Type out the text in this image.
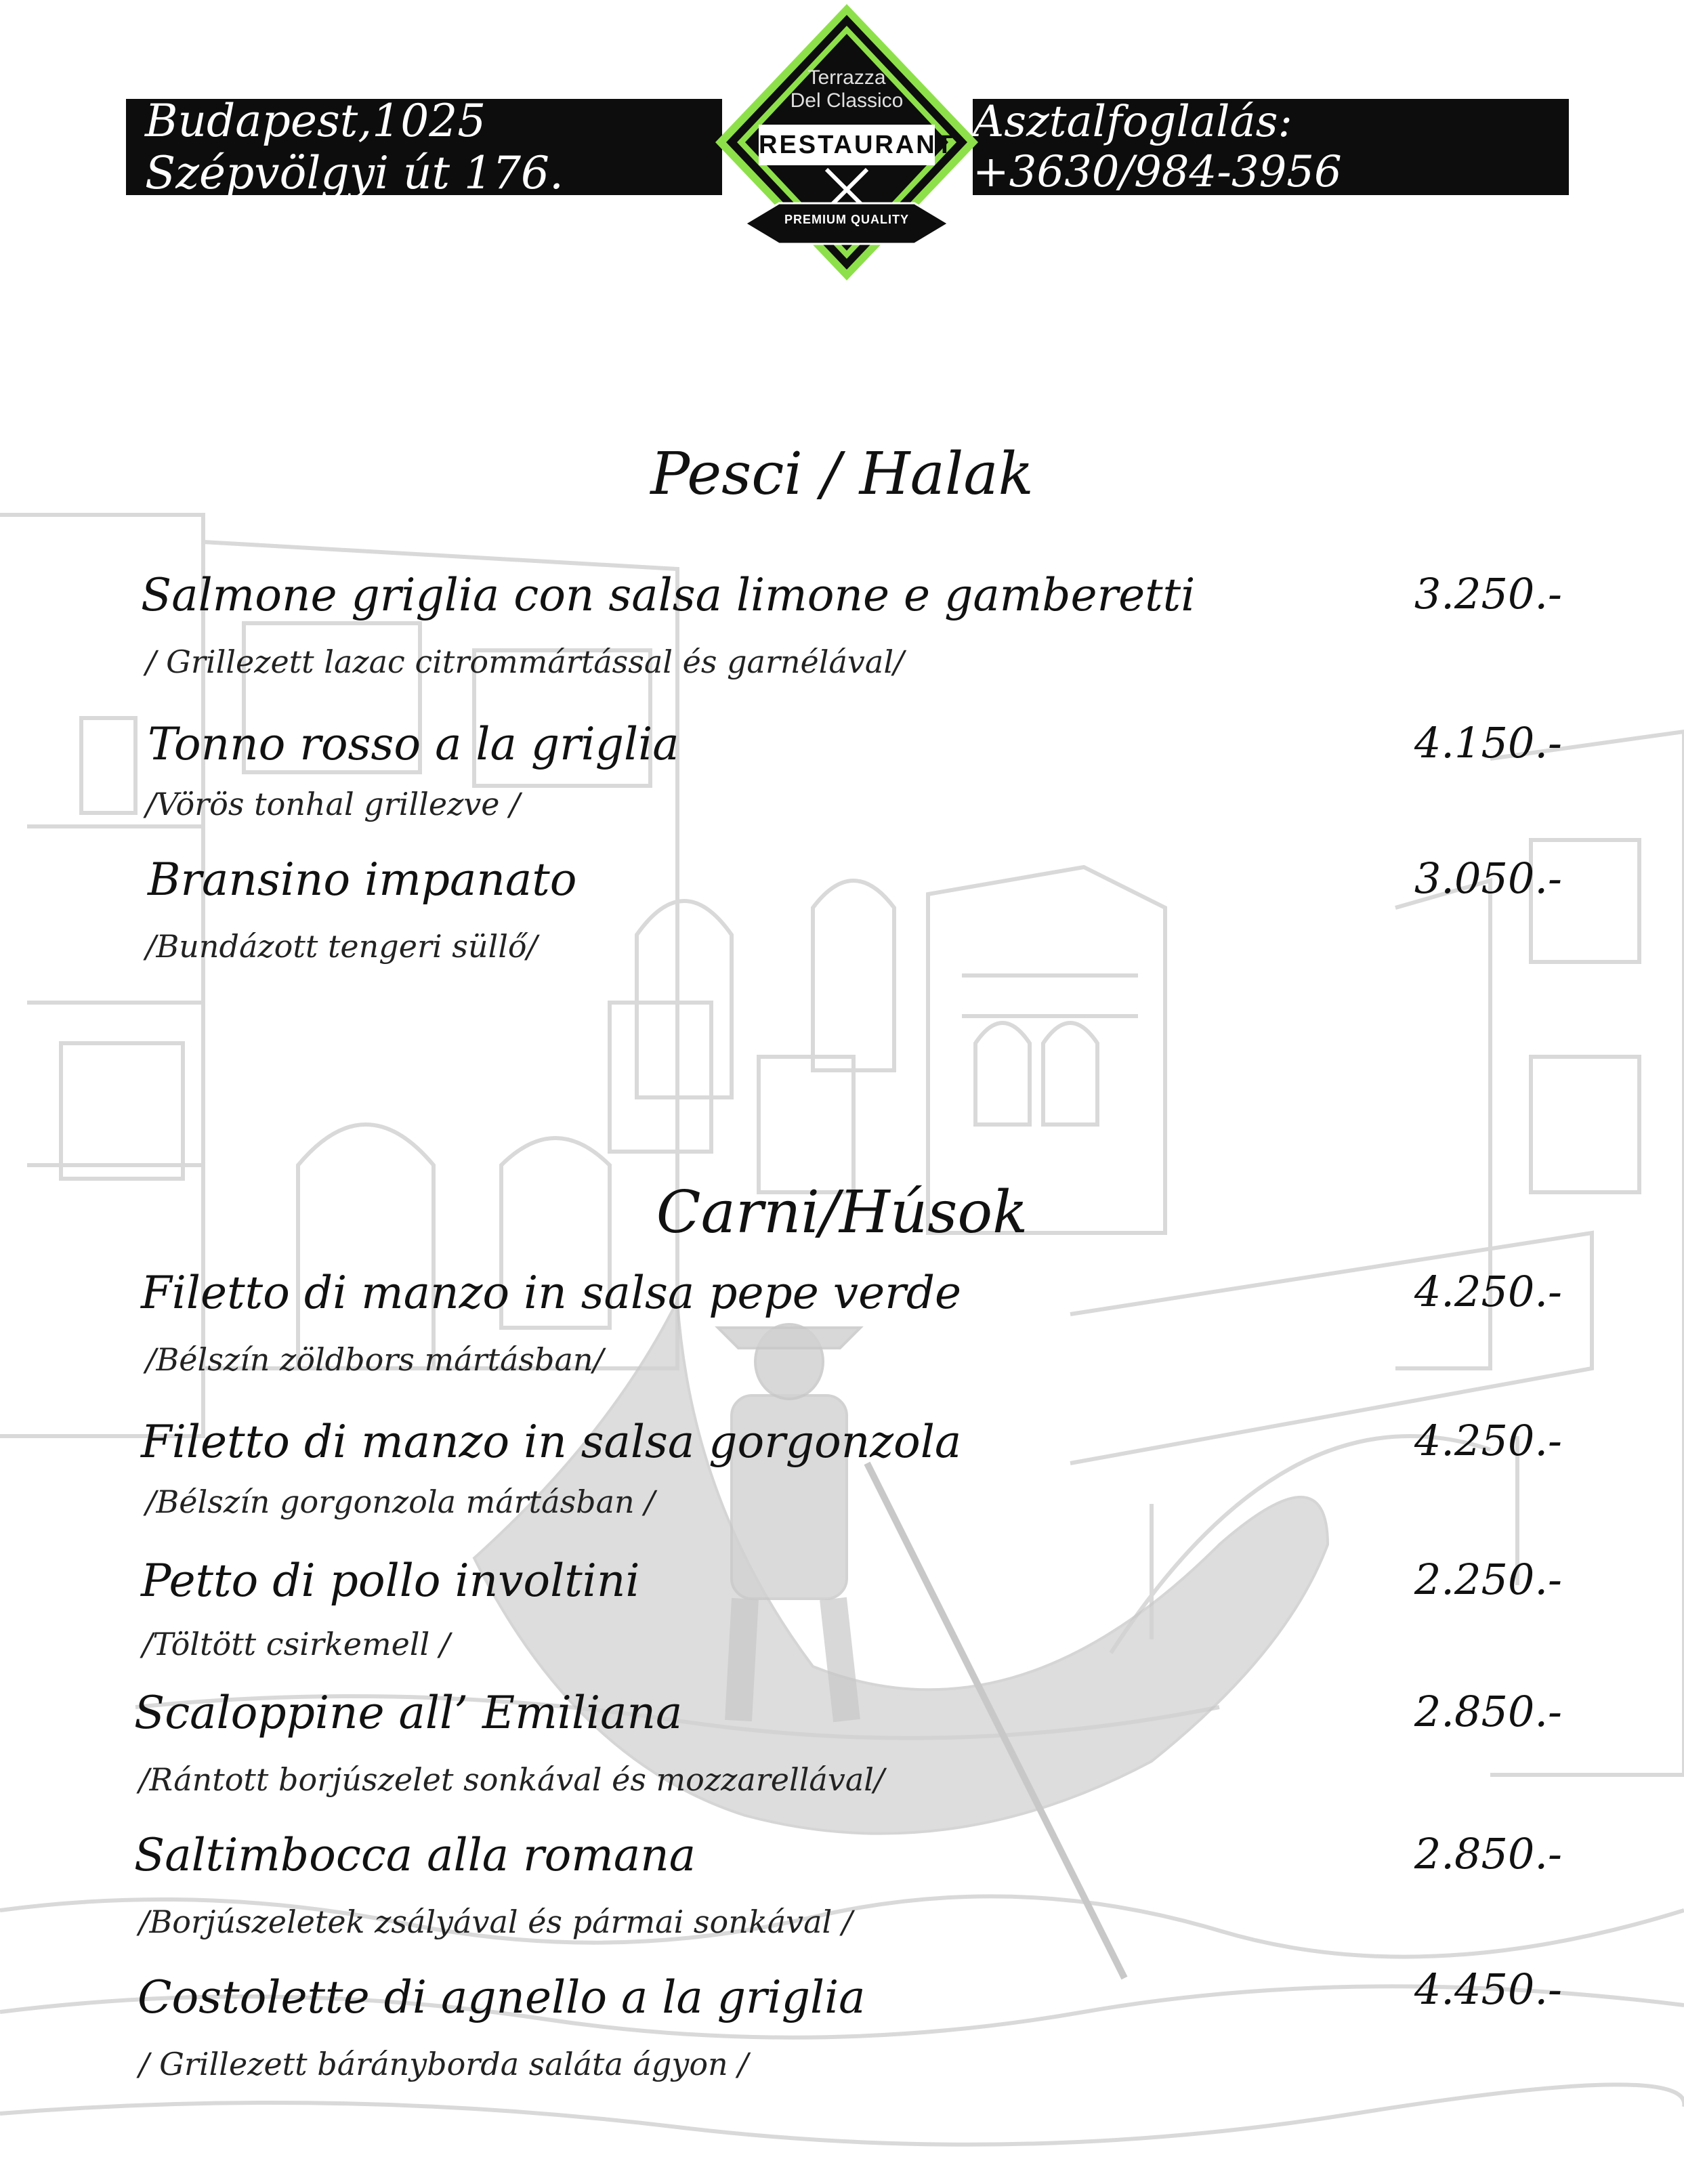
Budapest,1025 Szépvölgyi út 176.
Asztalfoglalás: +3630/984-3956
Terrazza
Del Classico
RESTAURANT
PREMIUM QUALITY
Pesci / Halak
Salmone griglia con salsa limone e gamberetti	3.250.-
/ Grillezett lazac citrommártással és garnélával/
Tonno rosso a la griglia	4.150.-
/Vörös tonhal grillezve /
Bransino impanato	3.050.-
/Bundázott tengeri süllő/
Carni/Húsok
Filetto di manzo in salsa pepe verde	4.250.-
/Bélszín zöldbors mártásban/
Filetto di manzo in salsa gorgonzola	4.250.-
/Bélszín gorgonzola mártásban /
Petto di pollo involtini	2.250.-
/Töltött csirkemell /
Scaloppine all’ Emiliana	2.850.-
/Rántott borjúszelet sonkával és mozzarellával/
Saltimbocca alla romana	2.850.-
/Borjúszeletek zsályával és pármai sonkával /
Costolette di agnello a la griglia	4.450.-
/ Grillezett bárányborda saláta ágyon /
